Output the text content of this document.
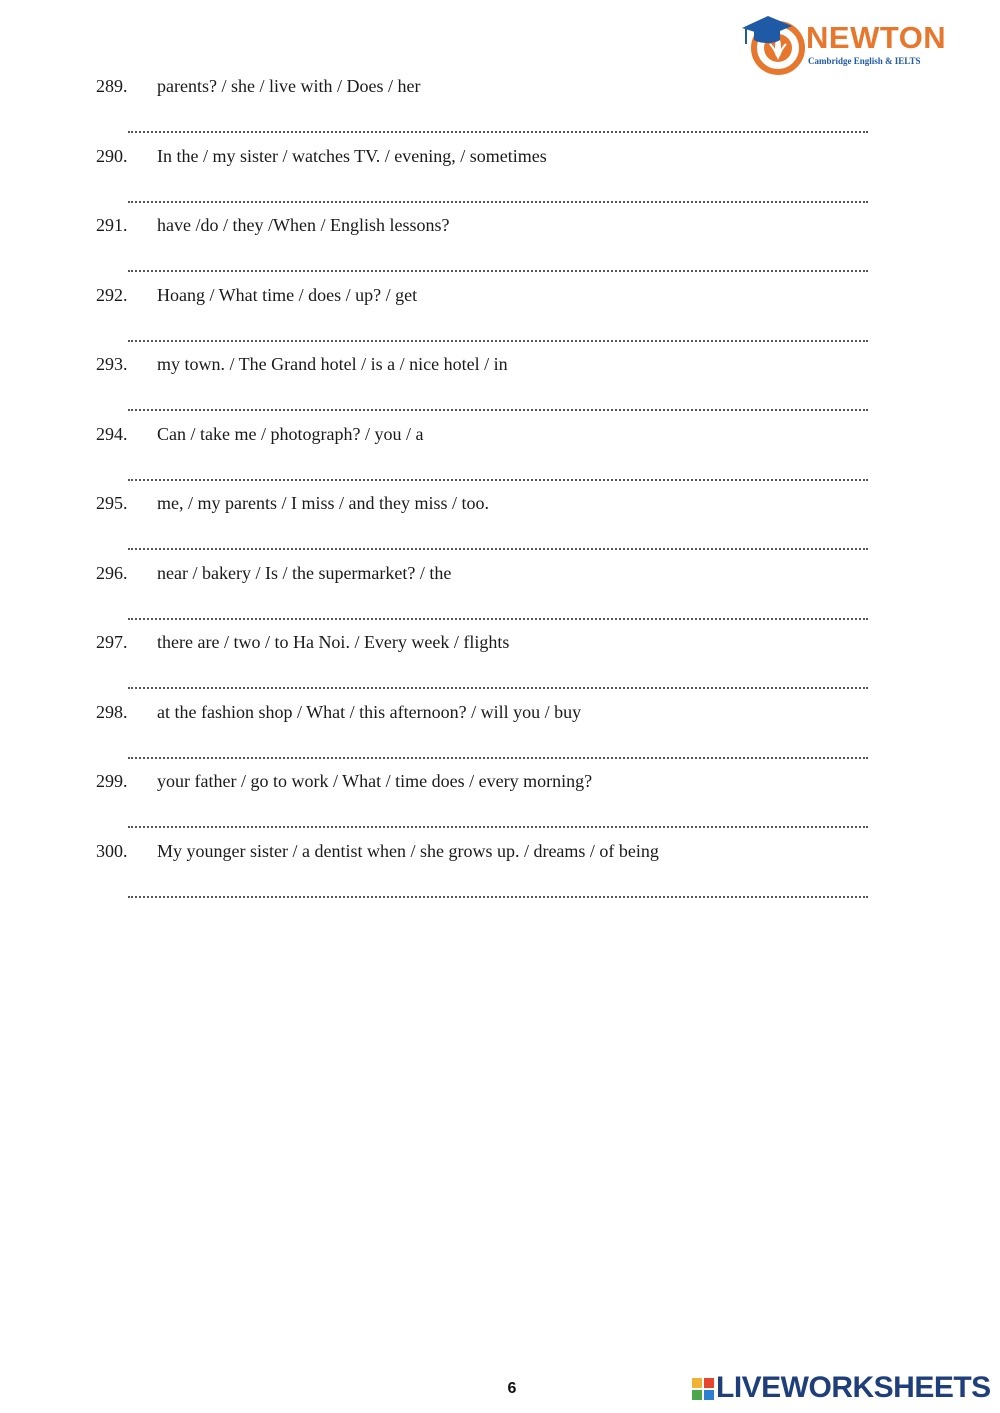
NEWTON
Cambridge English & IELTS
289. parents? / she / live with / Does / her
290. In the / my sister / watches TV. / evening, / sometimes
291. have /do / they /When / English lessons?
292. Hoang / What time / does / up? / get
293. my town. / The Grand hotel / is a / nice hotel / in
294. Can / take me / photograph? / you / a
295. me, / my parents / I miss / and they miss / too.
296. near / bakery / Is / the supermarket? / the
297. there are / two / to Ha Noi. / Every week / flights
298. at the fashion shop / What / this afternoon? / will you / buy
299. your father / go to work / What / time does / every morning?
300. My younger sister / a dentist when / she grows up. / dreams / of being
6	LIVEWORKSHEETS
